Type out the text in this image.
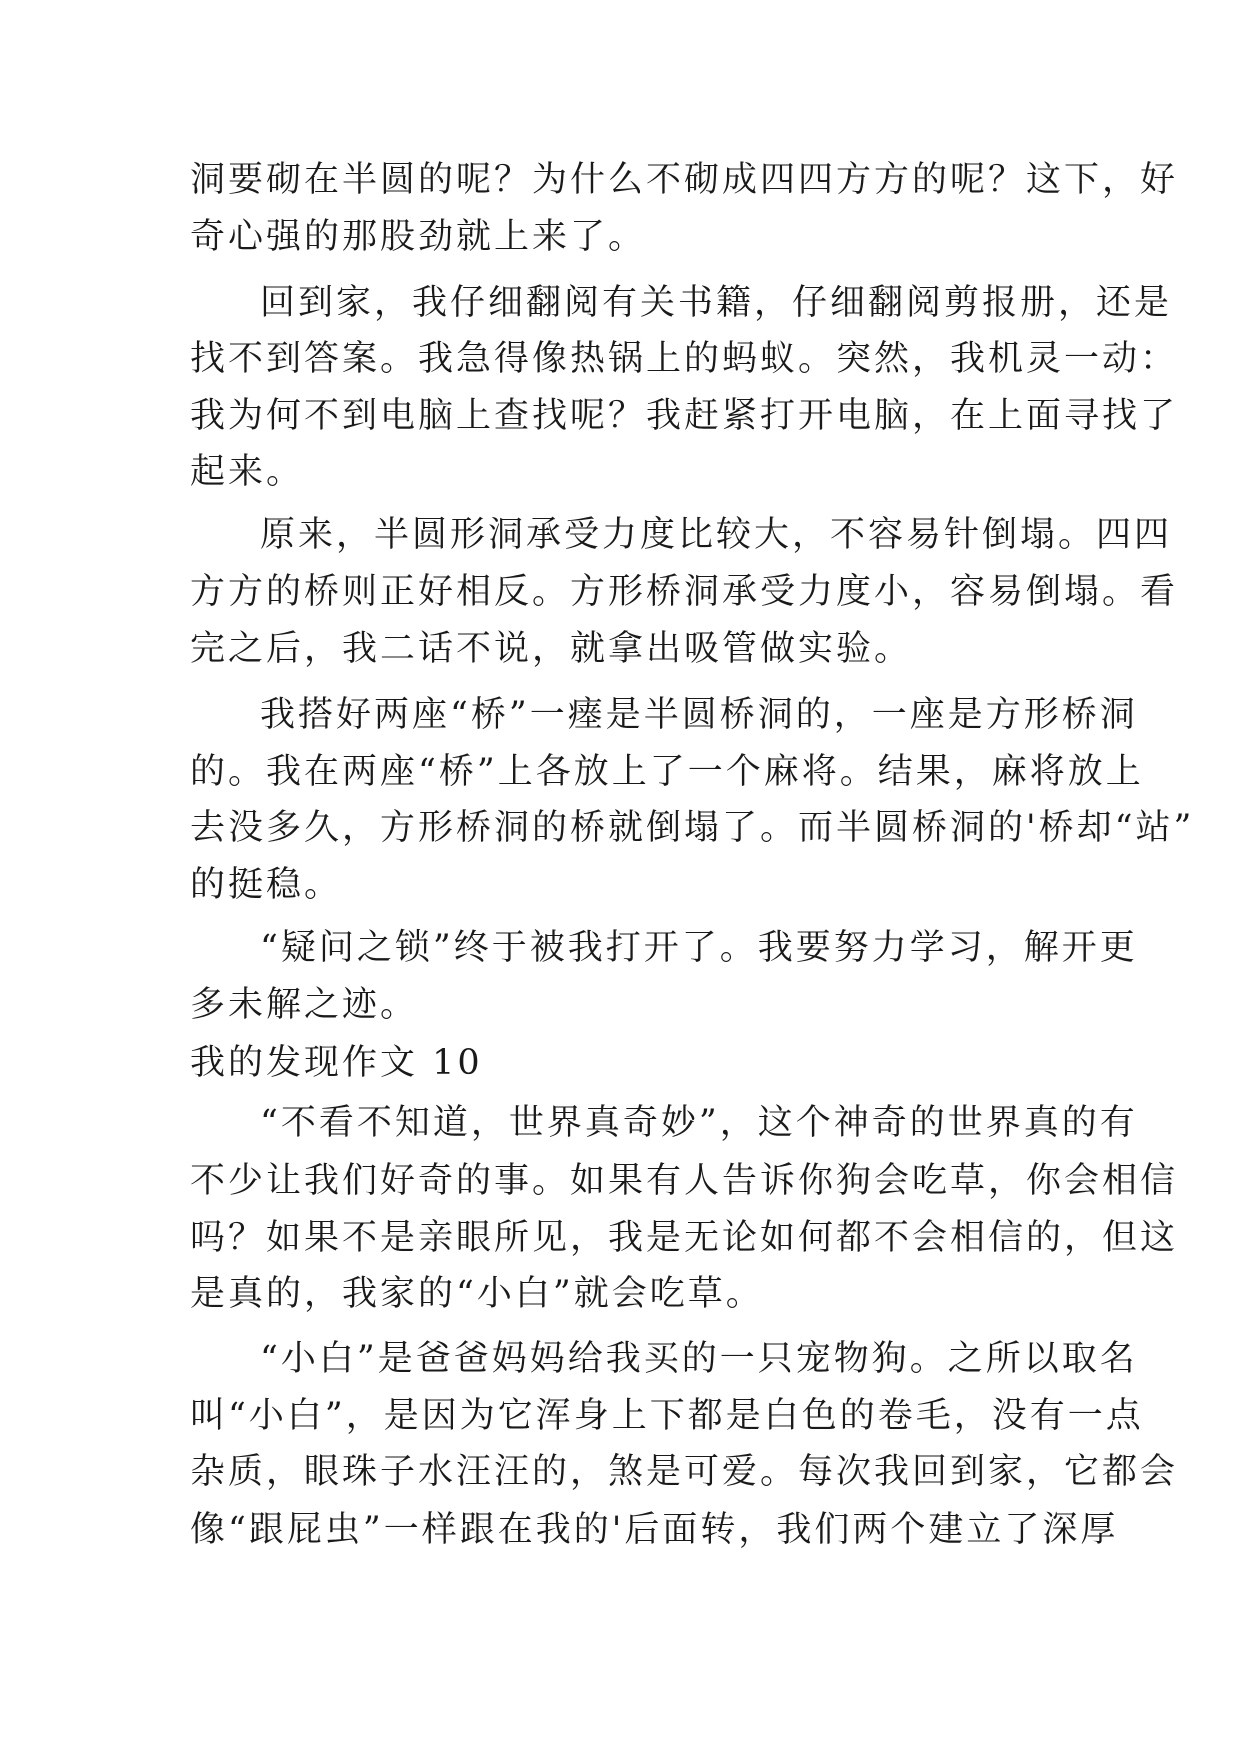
洞要砌在半圆的呢？为什么不砌成四四方方的呢？这下，好
奇心强的那股劲就上来了。
回到家，我仔细翻阅有关书籍，仔细翻阅剪报册，还是
找不到答案。我急得像热锅上的蚂蚁。突然，我机灵一动：
我为何不到电脑上查找呢？我赶紧打开电脑，在上面寻找了
起来。
原来，半圆形洞承受力度比较大，不容易针倒塌。四四
方方的桥则正好相反。方形桥洞承受力度小，容易倒塌。看
完之后，我二话不说，就拿出吸管做实验。
我搭好两座“桥”一瘗是半圆桥洞的，一座是方形桥洞
的。我在两座“桥”上各放上了一个麻将。结果，麻将放上
去没多久，方形桥洞的桥就倒塌了。而半圆桥洞的'桥却“站”
的挺稳。
“疑问之锁”终于被我打开了。我要努力学习，解开更
多未解之迹。
我的发现作文 10
“不看不知道，世界真奇妙”，这个神奇的世界真的有
不少让我们好奇的事。如果有人告诉你狗会吃草，你会相信
吗？如果不是亲眼所见，我是无论如何都不会相信的，但这
是真的，我家的“小白”就会吃草。
“小白”是爸爸妈妈给我买的一只宠物狗。之所以取名
叫“小白”，是因为它浑身上下都是白色的卷毛，没有一点
杂质，眼珠子水汪汪的，煞是可爱。每次我回到家，它都会
像“跟屁虫”一样跟在我的'后面转，我们两个建立了深厚
